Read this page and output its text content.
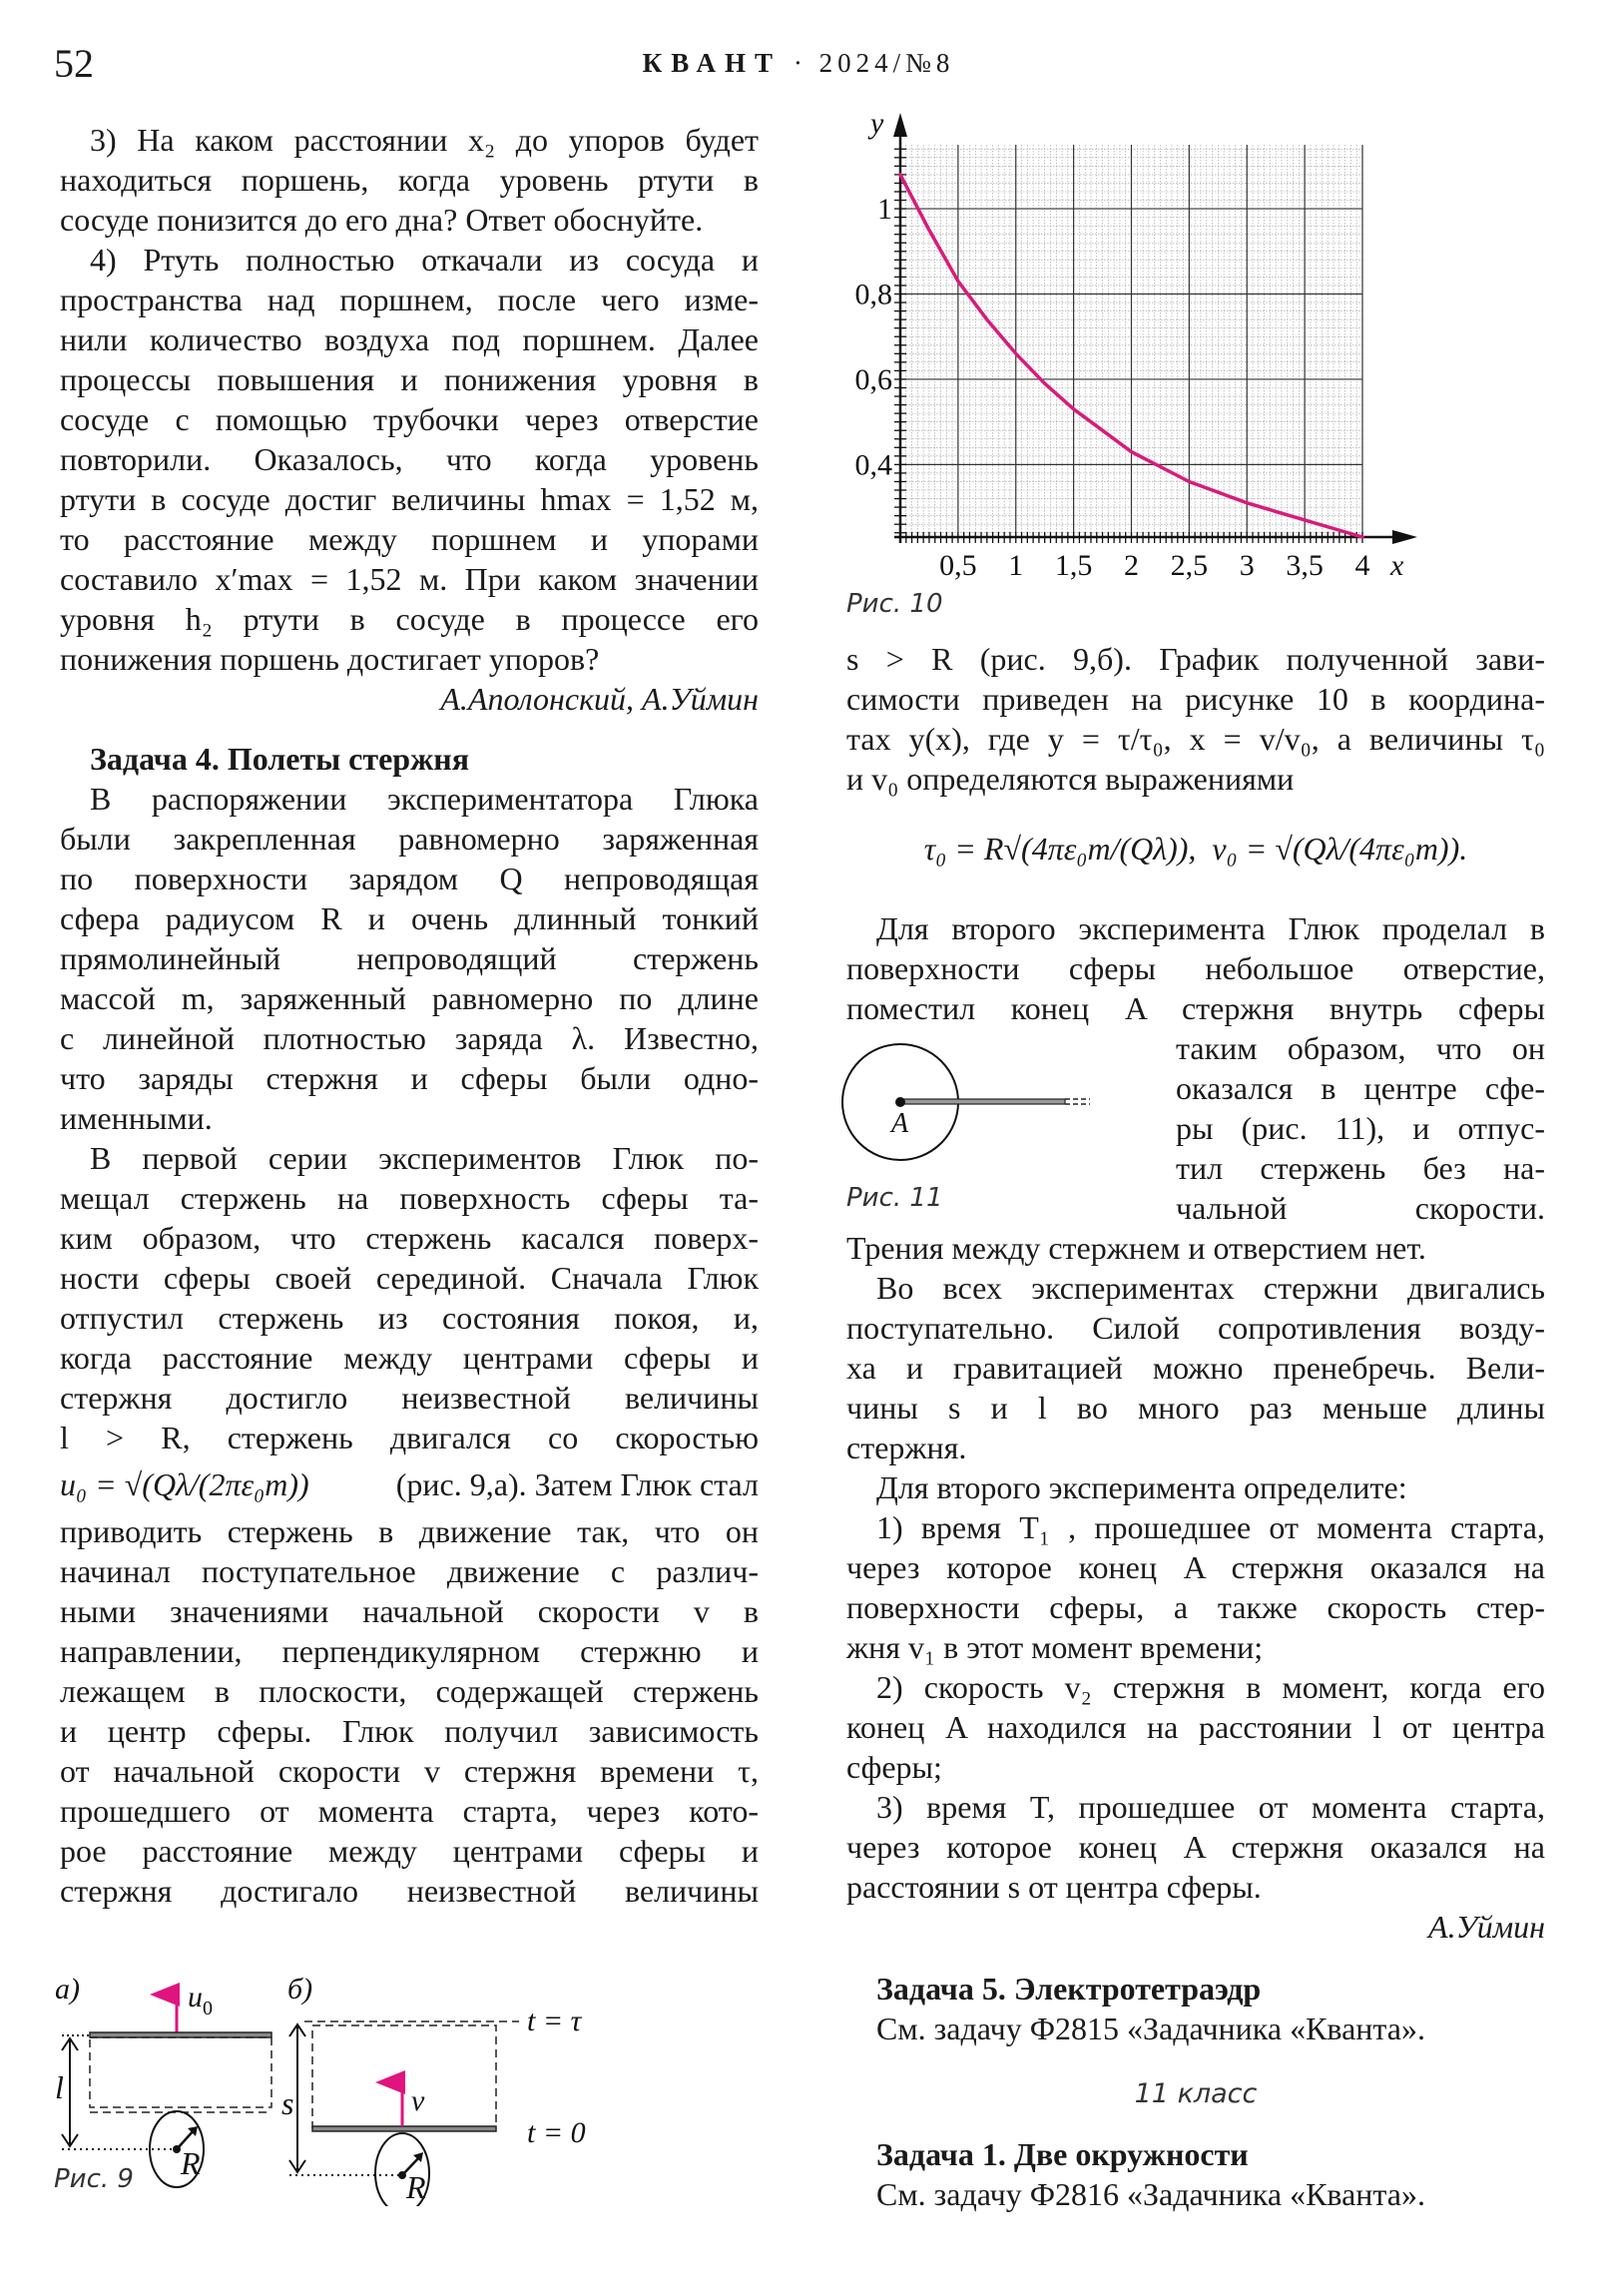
52	КВАНТ · 2024/№8
3) На каком расстоянии x₂ до упоров будет
находиться поршень, когда уровень ртути в
сосуде понизится до его дна? Ответ обоснуйте.
4) Ртуть полностью откачали из сосуда и
пространства над поршнем, после чего изме-
нили количество воздуха под поршнем. Далее
процессы повышения и понижения уровня в
сосуде с помощью трубочки через отверстие
повторили. Оказалось, что когда уровень
ртути в сосуде достиг величины hmax = 1,52 м,
то расстояние между поршнем и упорами
составило x′max = 1,52 м. При каком значении
уровня h₂ ртути в сосуде в процессе его
понижения поршень достигает упоров?
А.Аполонский, А.Уймин
Задача 4. Полеты стержня
В распоряжении экспериментатора Глюка
были закрепленная равномерно заряженная
по поверхности зарядом Q непроводящая
сфера радиусом R и очень длинный тонкий
прямолинейный непроводящий стержень
массой m, заряженный равномерно по длине
с линейной плотностью заряда λ. Известно,
что заряды стержня и сферы были одно-
именными.
В первой серии экспериментов Глюк по-
мещал стержень на поверхность сферы та-
ким образом, что стержень касался поверх-
ности сферы своей серединой. Сначала Глюк
отпустил стержень из состояния покоя, и,
когда расстояние между центрами сферы и
стержня достигло неизвестной величины
l > R, стержень двигался со скоростью
u₀ = √(Qλ/(2πε₀m))	(рис. 9,а). Затем Глюк стал
приводить стержень в движение так, что он
начинал поступательное движение с различ-
ными значениями начальной скорости v в
направлении, перпендикулярном стержню и
лежащем в плоскости, содержащей стержень
и центр сферы. Глюк получил зависимость
от начальной скорости v стержня времени τ,
прошедшего от момента старта, через кото-
рое расстояние между центрами сферы и
стержня достигало неизвестной величины
а)	$u_0$
l
R
б)
t = τ
t = 0
v
s
R
Рис. 9
0,5 1 1,5 2 2,5 3 3,5 4
1
0,8
0,6
0,4
x
y
Рис. 10
s > R (рис. 9,б). График полученной зави-
симости приведен на рисунке 10 в координа-
тах y(x), где y = τ/τ₀, x = v/v₀, а величины τ₀
и v₀ определяются выражениями
τ₀ = R√(4πε₀m/(Qλ)),  v₀ = √(Qλ/(4πε₀m)).
Для второго эксперимента Глюк проделал в
поверхности сферы небольшое отверстие,
поместил конец A стержня внутрь сферы
A
Рис. 11
таким образом, что он
оказался в центре сфе-
ры (рис. 11), и отпус-
тил стержень без на-
чальной скорости.
Трения между стержнем и отверстием нет.
Во всех экспериментах стержни двигались
поступательно. Силой сопротивления возду-
ха и гравитацией можно пренебречь. Вели-
чины s и l во много раз меньше длины
стержня.
Для второго эксперимента определите:
1) время T₁ , прошедшее от момента старта,
через которое конец A стержня оказался на
поверхности сферы, а также скорость стер-
жня v₁ в этот момент времени;
2) скорость v₂ стержня в момент, когда его
конец A находился на расстоянии l от центра
сферы;
3) время T, прошедшее от момента старта,
через которое конец A стержня оказался на
расстоянии s от центра сферы.
А.Уймин
Задача 5. Электротетраэдр
См. задачу Ф2815 «Задачника «Кванта».
11 класс
Задача 1. Две окружности
См. задачу Ф2816 «Задачника «Кванта».
